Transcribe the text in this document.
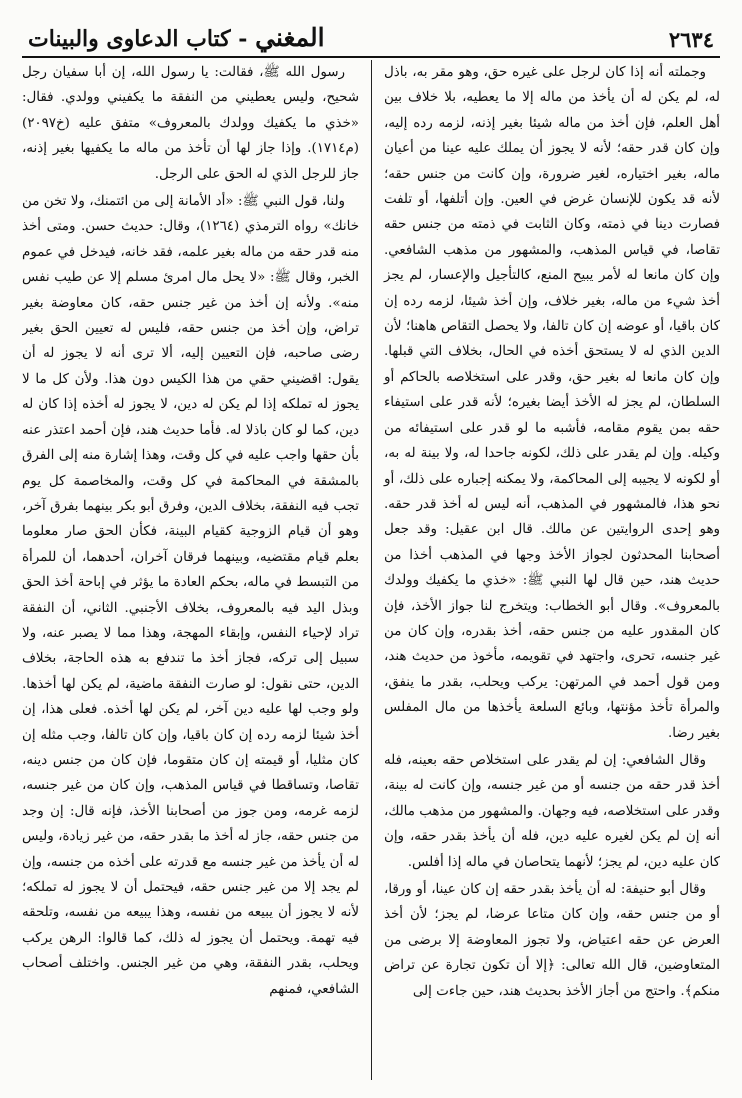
٢٦٣٤
المغني - كتاب الدعاوى والبينات

وجملته أنه إذا كان لرجل على غيره حق، وهو مقر به، باذل له، لم يكن له أن يأخذ من ماله إلا ما يعطيه، بلا خلاف بين أهل العلم، فإن أخذ من ماله شيئا بغير إذنه، لزمه رده إليه، وإن كان قدر حقه؛ لأنه لا يجوز أن يملك عليه عينا من أعيان ماله، بغير اختياره، لغير ضرورة، وإن كانت من جنس حقه؛ لأنه قد يكون للإنسان غرض في العين. وإن أتلفها، أو تلفت فصارت دينا في ذمته، وكان الثابت في ذمته من جنس حقه تقاصا، في قياس المذهب، والمشهور من مذهب الشافعي. وإن كان مانعا له لأمر يبيح المنع، كالتأجيل والإعسار، لم يجز أخذ شيء من ماله، بغير خلاف، وإن أخذ شيئا، لزمه رده إن كان باقيا، أو عوضه إن كان تالفا، ولا يحصل التقاص هاهنا؛ لأن الدين الذي له لا يستحق أخذه في الحال، بخلاف التي قبلها. وإن كان مانعا له بغير حق، وقدر على استخلاصه بالحاكم أو السلطان، لم يجز له الأخذ أيضا بغيره؛ لأنه قدر على استيفاء حقه بمن يقوم مقامه، فأشبه ما لو قدر على استيفائه من وكيله. وإن لم يقدر على ذلك، لكونه جاحدا له، ولا بينة له به، أو لكونه لا يجيبه إلى المحاكمة، ولا يمكنه إجباره على ذلك، أو نحو هذا، فالمشهور في المذهب، أنه ليس له أخذ قدر حقه. وهو إحدى الروايتين عن مالك. قال ابن عقيل: وقد جعل أصحابنا المحدثون لجواز الأخذ وجها في المذهب أخذا من حديث هند، حين قال لها النبي ﷺ: «خذي ما يكفيك وولدك بالمعروف». وقال أبو الخطاب: ويتخرج لنا جواز الأخذ، فإن كان المقدور عليه من جنس حقه، أخذ بقدره، وإن كان من غير جنسه، تحرى، واجتهد في تقويمه، مأخوذ من حديث هند، ومن قول أحمد في المرتهن: يركب ويحلب، بقدر ما ينفق، والمرأة تأخذ مؤنتها، وبائع السلعة يأخذها من مال المفلس بغير رضا.

وقال الشافعي: إن لم يقدر على استخلاص حقه بعينه، فله أخذ قدر حقه من جنسه أو من غير جنسه، وإن كانت له بينة، وقدر على استخلاصه، فيه وجهان. والمشهور من مذهب مالك، أنه إن لم يكن لغيره عليه دين، فله أن يأخذ بقدر حقه، وإن كان عليه دين، لم يجز؛ لأنهما يتحاصان في ماله إذا أفلس.

وقال أبو حنيفة: له أن يأخذ بقدر حقه إن كان عينا، أو ورقا، أو من جنس حقه، وإن كان متاعا عرضا، لم يجز؛ لأن أخذ العرض عن حقه اعتياض، ولا تجوز المعاوضة إلا برضى من المتعاوضين، قال الله تعالى: ﴿إلا أن تكون تجارة عن تراض منكم﴾. واحتج من أجاز الأخذ بحديث هند، حين جاءت إلى

رسول الله ﷺ، فقالت: يا رسول الله، إن أبا سفيان رجل شحيح، وليس يعطيني من النفقة ما يكفيني وولدي. فقال: «خذي ما يكفيك وولدك بالمعروف» متفق عليه (خ٢٠٩٧) (م١٧١٤). وإذا جاز لها أن تأخذ من ماله ما يكفيها بغير إذنه، جاز للرجل الذي له الحق على الرجل.

ولنا، قول النبي ﷺ: «أد الأمانة إلى من ائتمنك، ولا تخن من خانك» رواه الترمذي (١٢٦٤)، وقال: حديث حسن. ومتى أخذ منه قدر حقه من ماله بغير علمه، فقد خانه، فيدخل في عموم الخبر، وقال ﷺ: «لا يحل مال امرئ مسلم إلا عن طيب نفس منه». ولأنه إن أخذ من غير جنس حقه، كان معاوضة بغير تراض، وإن أخذ من جنس حقه، فليس له تعيين الحق بغير رضى صاحبه، فإن التعيين إليه، ألا ترى أنه لا يجوز له أن يقول: اقضيني حقي من هذا الكيس دون هذا. ولأن كل ما لا يجوز له تملكه إذا لم يكن له دين، لا يجوز له أخذه إذا كان له دين، كما لو كان باذلا له. فأما حديث هند، فإن أحمد اعتذر عنه بأن حقها واجب عليه في كل وقت، وهذا إشارة منه إلى الفرق بالمشقة في المحاكمة في كل وقت، والمخاصمة كل يوم تجب فيه النفقة، بخلاف الدين، وفرق أبو بكر بينهما بفرق آخر، وهو أن قيام الزوجية كقيام البينة، فكأن الحق صار معلوما بعلم قيام مقتضيه، وبينهما فرقان آخران، أحدهما، أن للمرأة من التبسط في ماله، بحكم العادة ما يؤثر في إباحة أخذ الحق وبذل اليد فيه بالمعروف، بخلاف الأجنبي. الثاني، أن النفقة تراد لإحياء النفس، وإبقاء المهجة، وهذا مما لا يصبر عنه، ولا سبيل إلى تركه، فجاز أخذ ما تندفع به هذه الحاجة، بخلاف الدين، حتى نقول: لو صارت النفقة ماضية، لم يكن لها أخذها. ولو وجب لها عليه دين آخر، لم يكن لها أخذه. فعلى هذا، إن أخذ شيئا لزمه رده إن كان باقيا، وإن كان تالفا، وجب مثله إن كان مثليا، أو قيمته إن كان متقوما، فإن كان من جنس دينه، تقاصا، وتساقطا في قياس المذهب، وإن كان من غير جنسه، لزمه غرمه، ومن جوز من أصحابنا الأخذ، فإنه قال: إن وجد من جنس حقه، جاز له أخذ ما بقدر حقه، من غير زيادة، وليس له أن يأخذ من غير جنسه مع قدرته على أخذه من جنسه، وإن لم يجد إلا من غير جنس حقه، فيحتمل أن لا يجوز له تملكه؛ لأنه لا يجوز أن يبيعه من نفسه، وهذا يبيعه من نفسه، وتلحقه فيه تهمة. ويحتمل أن يجوز له ذلك، كما قالوا: الرهن يركب ويحلب، بقدر النفقة، وهي من غير الجنس. واختلف أصحاب الشافعي، فمنهم
